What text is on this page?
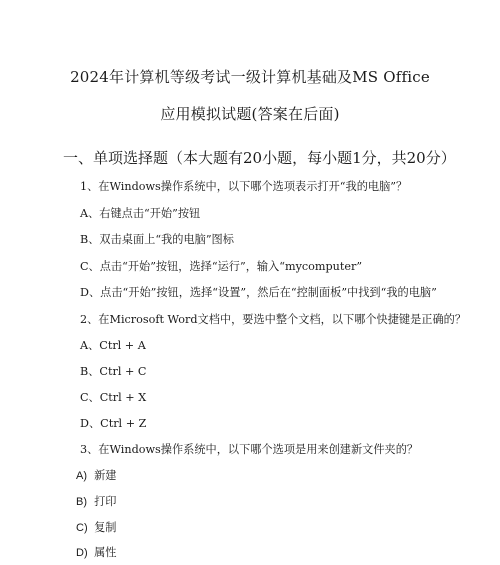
2024年计算机等级考试一级计算机基础及MS Office
应用模拟试题(答案在后面)
一、单项选择题（本大题有20小题，每小题1分，共20分）
1、在Windows操作系统中，以下哪个选项表示打开“我的电脑”？
A、右键点击“开始”按钮
B、双击桌面上“我的电脑”图标
C、点击“开始”按钮，选择“运行”，输入“mycomputer”
D、点击“开始”按钮，选择“设置”，然后在“控制面板”中找到“我的电脑”
2、在Microsoft Word文档中，要选中整个文档，以下哪个快捷键是正确的？
A、Ctrl + A
B、Ctrl + C
C、Ctrl + X
D、Ctrl + Z
3、在Windows操作系统中，以下哪个选项是用来创建新文件夹的？
A) 新建
B) 打印
C) 复制
D) 属性
